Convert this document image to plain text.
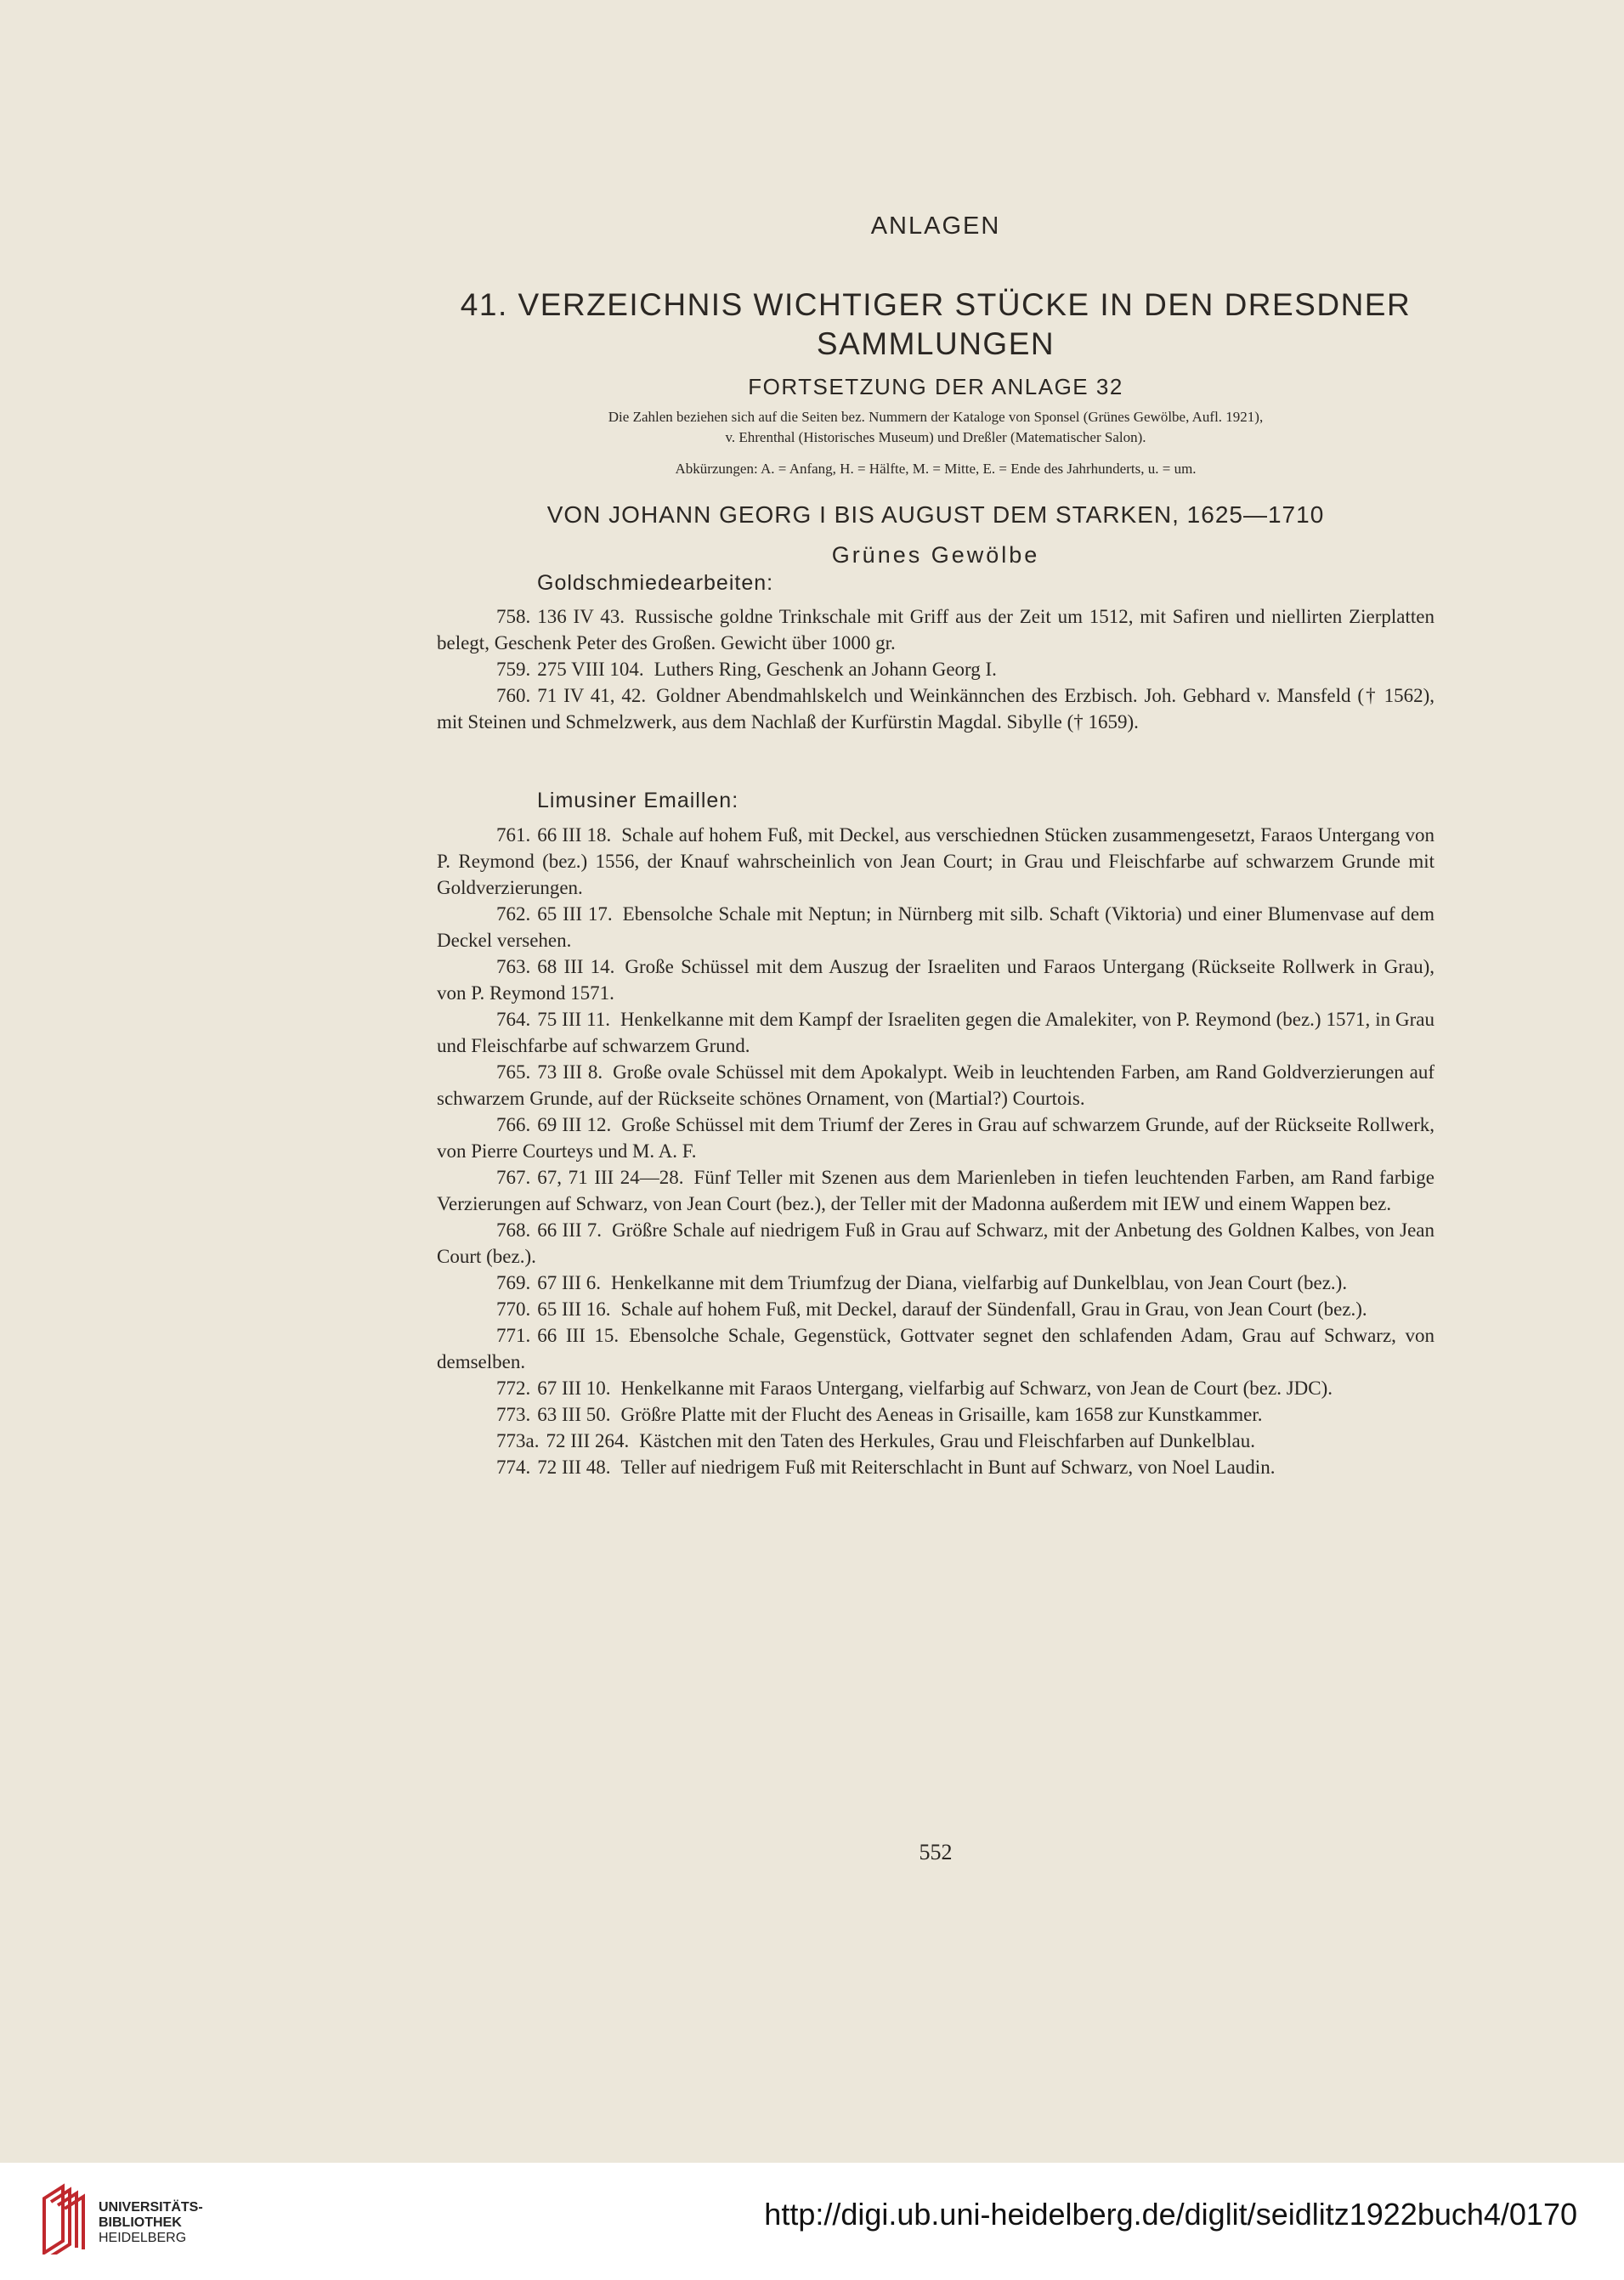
ANLAGEN
41. VERZEICHNIS WICHTIGER STÜCKE IN DEN DRESDNER
SAMMLUNGEN
FORTSETZUNG DER ANLAGE 32
Die Zahlen beziehen sich auf die Seiten bez. Nummern der Kataloge von Sponsel (Grünes Gewölbe, Aufl. 1921),
v. Ehrenthal (Historisches Museum) und Dreßler (Matematischer Salon).
Abkürzungen: A. = Anfang, H. = Hälfte, M. = Mitte, E. = Ende des Jahrhunderts, u. = um.
VON JOHANN GEORG I BIS AUGUST DEM STARKEN, 1625—1710
Grünes Gewölbe
Goldschmiedearbeiten:
758. 136 IV 43. Russische goldne Trinkschale mit Griff aus der Zeit um 1512, mit Safiren und niellirten Zierplatten belegt, Geschenk Peter des Großen. Gewicht über 1000 gr.
759. 275 VIII 104. Luthers Ring, Geschenk an Johann Georg I.
760. 71 IV 41, 42. Goldner Abendmahlskelch und Weinkännchen des Erzbisch. Joh. Gebhard v. Mansfeld († 1562), mit Steinen und Schmelzwerk, aus dem Nachlaß der Kurfürstin Magdal. Sibylle († 1659).
Limusiner Emaillen:
761. 66 III 18. Schale auf hohem Fuß, mit Deckel, aus verschiednen Stücken zusammengesetzt, Faraos Untergang von P. Reymond (bez.) 1556, der Knauf wahrscheinlich von Jean Court; in Grau und Fleischfarbe auf schwarzem Grunde mit Goldverzierungen.
762. 65 III 17. Ebensolche Schale mit Neptun; in Nürnberg mit silb. Schaft (Viktoria) und einer Blumenvase auf dem Deckel versehen.
763. 68 III 14. Große Schüssel mit dem Auszug der Israeliten und Faraos Untergang (Rückseite Rollwerk in Grau), von P. Reymond 1571.
764. 75 III 11. Henkelkanne mit dem Kampf der Israeliten gegen die Amalekiter, von P. Reymond (bez.) 1571, in Grau und Fleischfarbe auf schwarzem Grund.
765. 73 III 8. Große ovale Schüssel mit dem Apokalypt. Weib in leuchtenden Farben, am Rand Goldverzierungen auf schwarzem Grunde, auf der Rückseite schönes Ornament, von (Martial?) Courtois.
766. 69 III 12. Große Schüssel mit dem Triumf der Zeres in Grau auf schwarzem Grunde, auf der Rückseite Rollwerk, von Pierre Courteys und M. A. F.
767. 67, 71 III 24—28. Fünf Teller mit Szenen aus dem Marienleben in tiefen leuchtenden Farben, am Rand farbige Verzierungen auf Schwarz, von Jean Court (bez.), der Teller mit der Madonna außerdem mit IEW und einem Wappen bez.
768. 66 III 7. Größre Schale auf niedrigem Fuß in Grau auf Schwarz, mit der Anbetung des Goldnen Kalbes, von Jean Court (bez.).
769. 67 III 6. Henkelkanne mit dem Triumfzug der Diana, vielfarbig auf Dunkelblau, von Jean Court (bez.).
770. 65 III 16. Schale auf hohem Fuß, mit Deckel, darauf der Sündenfall, Grau in Grau, von Jean Court (bez.).
771. 66 III 15. Ebensolche Schale, Gegenstück, Gottvater segnet den schlafenden Adam, Grau auf Schwarz, von demselben.
772. 67 III 10. Henkelkanne mit Faraos Untergang, vielfarbig auf Schwarz, von Jean de Court (bez. JDC).
773. 63 III 50. Größre Platte mit der Flucht des Aeneas in Grisaille, kam 1658 zur Kunstkammer.
773a. 72 III 264. Kästchen mit den Taten des Herkules, Grau und Fleischfarben auf Dunkelblau.
774. 72 III 48. Teller auf niedrigem Fuß mit Reiterschlacht in Bunt auf Schwarz, von Noel Laudin.
552
UNIVERSITÄTS-
BIBLIOTHEK
HEIDELBERG
http://digi.ub.uni-heidelberg.de/diglit/seidlitz1922buch4/0170
